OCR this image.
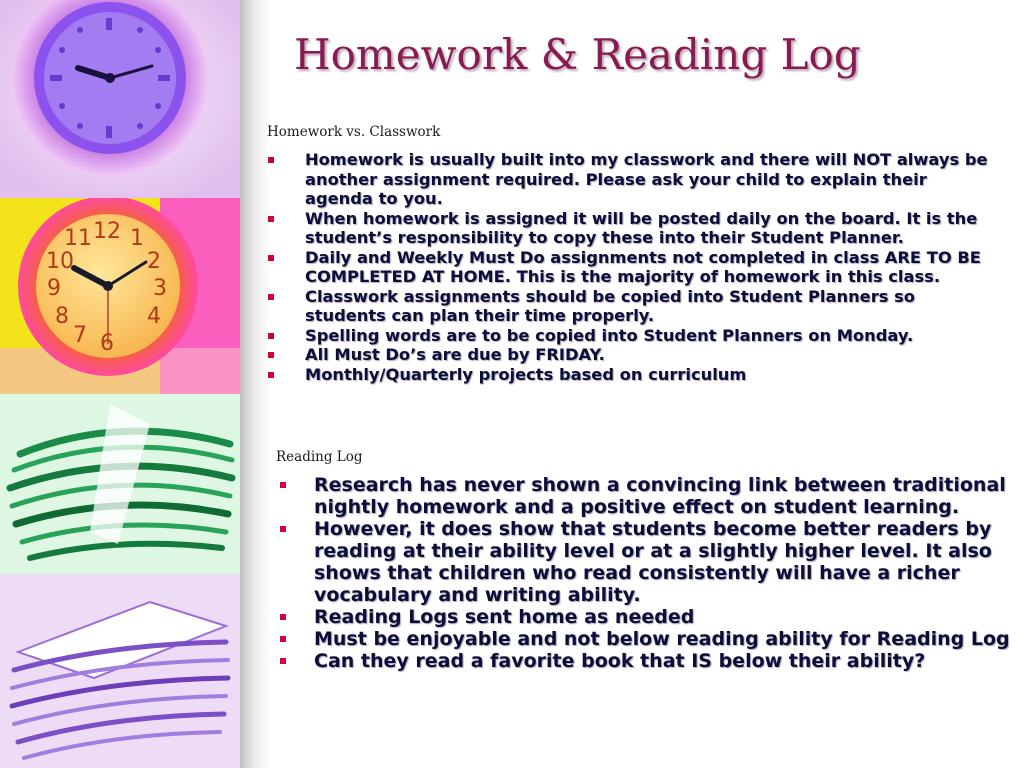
11 12 1
10	2
9	3
8	4
7 6
Homework & Reading Log

Homework vs. Classwork

Homework is usually built into my classwork and there will NOT always be another assignment required. Please ask your child to explain their agenda to you.
When homework is assigned it will be posted daily on the board. It is the student’s responsibility to copy these into their Student Planner.
Daily and Weekly Must Do assignments not completed in class ARE TO BE COMPLETED AT HOME. This is the majority of homework in this class.
Classwork assignments should be copied into Student Planners so students can plan their time properly.
Spelling words are to be copied into Student Planners on Monday.
All Must Do’s are due by FRIDAY.
Monthly/Quarterly projects based on curriculum

Reading Log

Research has never shown a convincing link between traditional nightly homework and a positive effect on student learning.
However, it does show that students become better readers by reading at their ability level or at a slightly higher level. It also shows that children who read consistently will have a richer vocabulary and writing ability.
Reading Logs sent home as needed
Must be enjoyable and not below reading ability for Reading Log
Can they read a favorite book that IS below their ability?
